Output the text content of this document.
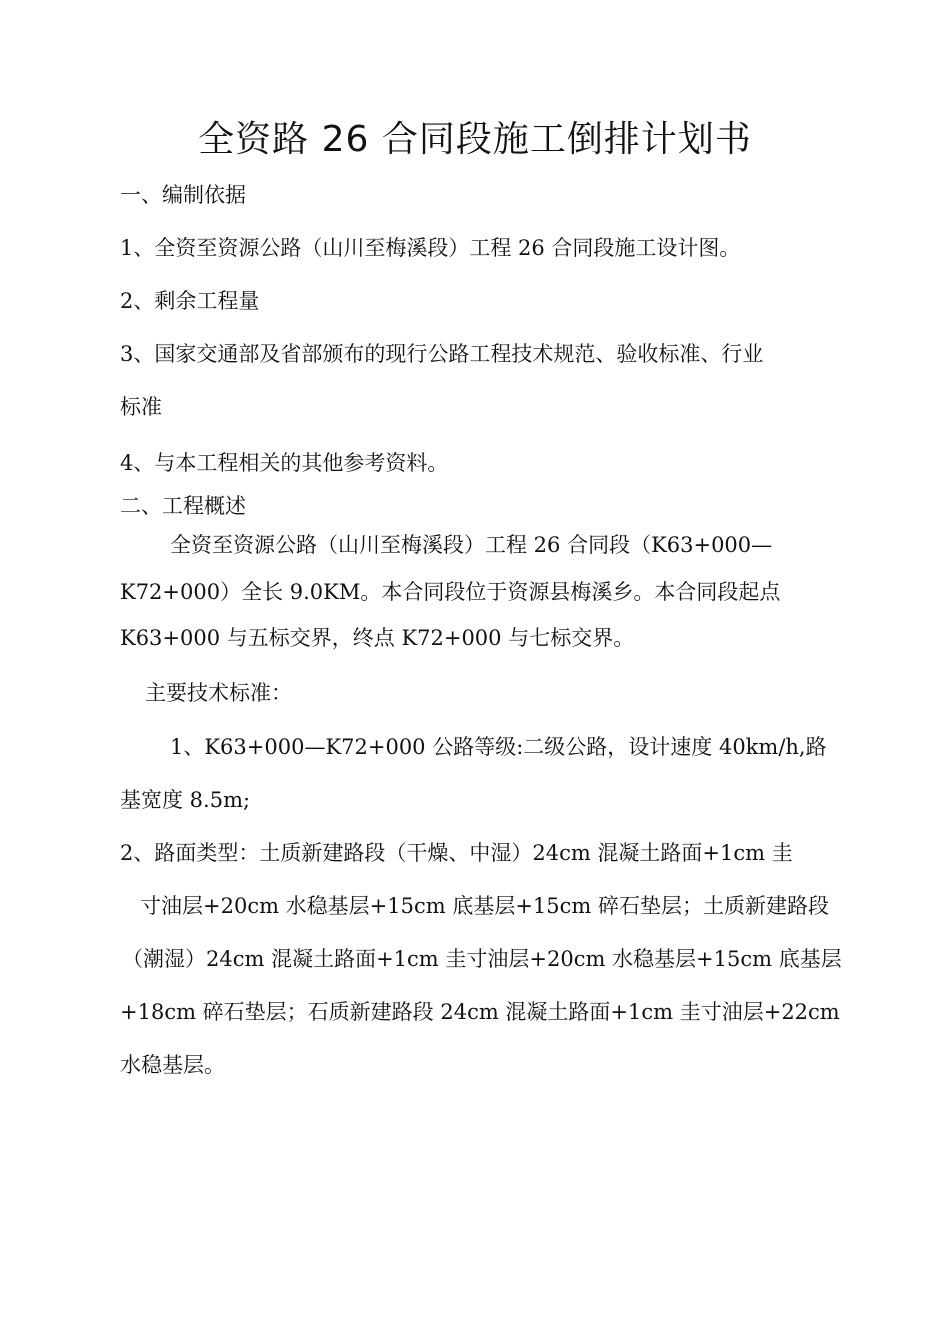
全资路 26 合同段施工倒排计划书
一、编制依据
1、全资至资源公路（山川至梅溪段）工程 26 合同段施工设计图。
2、剩余工程量
3、国家交通部及省部颁布的现行公路工程技术规范、验收标准、行业
标准
4、与本工程相关的其他参考资料。
二、工程概述
全资至资源公路（山川至梅溪段）工程 26 合同段（K63+000—
K72+000）全长 9.0KM。本合同段位于资源县梅溪乡。本合同段起点
K63+000 与五标交界，终点 K72+000 与七标交界。
主要技术标准：
1、K63+000—K72+000 公路等级:二级公路，设计速度 40km/h,路
基宽度 8.5m;
2、路面类型：土质新建路段（干燥、中湿）24cm 混凝土路面+1cm 圭
寸油层+20cm 水稳基层+15cm 底基层+15cm 碎石垫层；土质新建路段
（潮湿）24cm 混凝土路面+1cm 圭寸油层+20cm 水稳基层+15cm 底基层
+18cm 碎石垫层；石质新建路段 24cm 混凝土路面+1cm 圭寸油层+22cm
水稳基层。
